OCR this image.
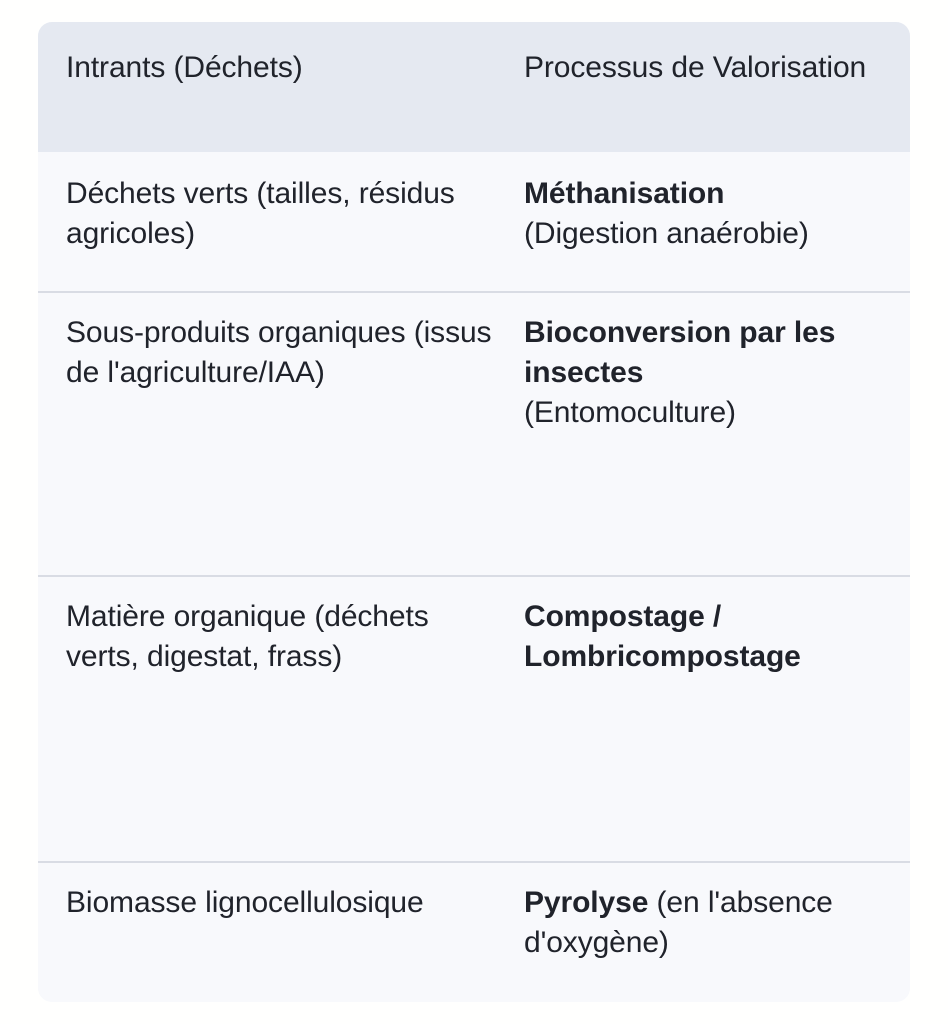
Intrants (Déchets)	Processus de Valorisation
Déchets verts (tailles, résidus agricoles)	Méthanisation
(Digestion anaérobie)

Sous-produits organiques (issus de l'agriculture/IAA)	Bioconversion par les insectes
(Entomoculture)

Matière organique (déchets verts, digestat, frass)	Compostage / Lombricompostage

Biomasse lignocellulosique	Pyrolyse (en l'absence d'oxygène)
